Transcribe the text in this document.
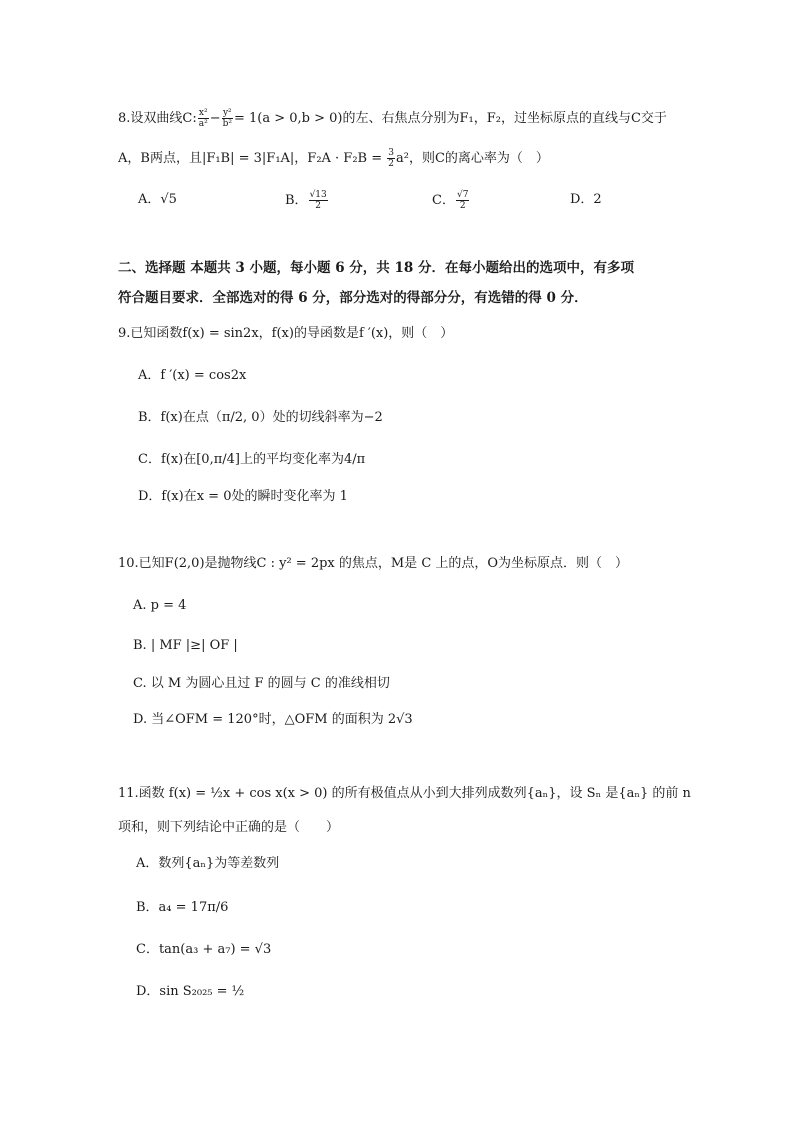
8.设双曲线C: $\frac{\text{x²}}{\text{a²}} - \frac{\text{y²}}{\text{b²}} = 1(a > 0,b > 0)$的左、右焦点分别为F₁，F₂，过坐标原点的直线与C交于
A，B两点，且|F₁B| = 3|F₁A|，$F_2A \cdot F_2B = \frac{3}{2} a^2$，则C的离心率为（　）
A．√5	B． $\frac{√13}{2}$	C． $\frac{√7}{2}$	D．2
二、选择题 本题共 3 小题，每小题 6 分，共 18 分．在每小题给出的选项中，有多项
符合题目要求．全部选对的得 6 分，部分选对的得部分分，有选错的得 0 分．
9.已知函数f(x) = sin2x，f(x)的导函数是f ′(x)，则（　）
A．f ′(x) = cos2x
B．f(x)在点（π/2, 0）处的切线斜率为−2
C．f(x)在[0,π/4]上的平均变化率为4/π
D．f(x)在x = 0处的瞬时变化率为 1
10.已知F(2,0)是抛物线C : y² = 2px 的焦点，M是 C 上的点，O为坐标原点．则（　）
A. p = 4
B. | MF |≥| OF |
C. 以 M 为圆心且过 F 的圆与 C 的准线相切
D. 当∠OFM = 120°时，△OFM 的面积为 2√3
11.函数 f(x) = ½x + cos x(x > 0) 的所有极值点从小到大排列成数列{aₙ}，设 Sₙ 是{aₙ} 的前 n
项和，则下列结论中正确的是（　　）
A．数列{aₙ}为等差数列
B．a₄ = 17π/6
C．tan(a₃ + a₇) = √3
D．sin S₂₀₂₅ = ½
